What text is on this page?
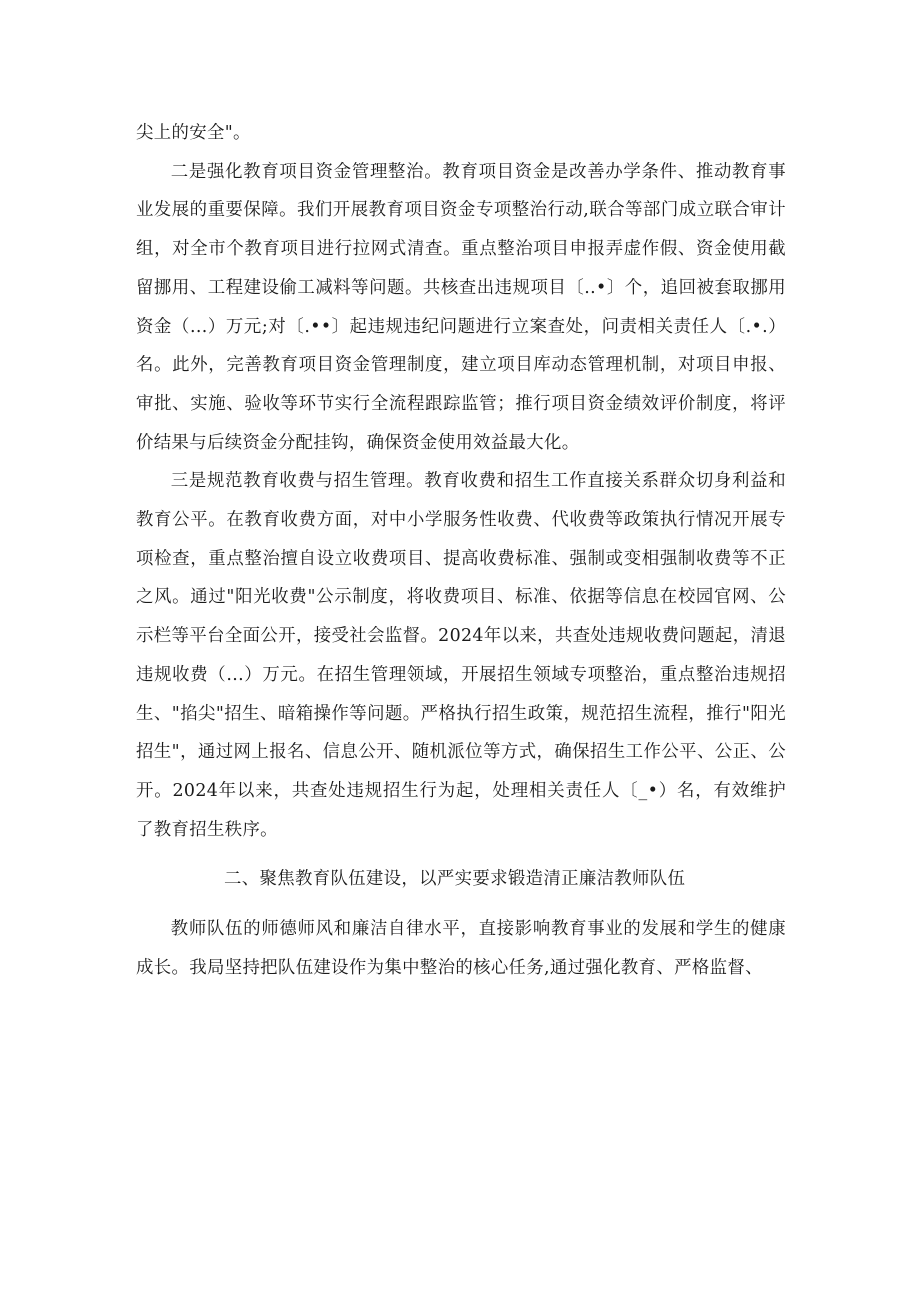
尖上的安全"。

二是强化教育项目资金管理整治。教育项目资金是改善办学条件、推动教育事业发展的重要保障。我们开展教育项目资金专项整治行动,联合等部门成立联合审计组，对全市个教育项目进行拉网式清查。重点整治项目申报弄虚作假、资金使用截留挪用、工程建设偷工减料等问题。共核查出违规项目〔..•〕个，追回被套取挪用资金（...）万元;对〔.••〕起违规违纪问题进行立案查处，问责相关责任人〔.•.）名。此外，完善教育项目资金管理制度，建立项目库动态管理机制，对项目申报、审批、实施、验收等环节实行全流程跟踪监管；推行项目资金绩效评价制度，将评价结果与后续资金分配挂钩，确保资金使用效益最大化。

三是规范教育收费与招生管理。教育收费和招生工作直接关系群众切身利益和教育公平。在教育收费方面，对中小学服务性收费、代收费等政策执行情况开展专项检查，重点整治擅自设立收费项目、提高收费标准、强制或变相强制收费等不正之风。通过"阳光收费"公示制度，将收费项目、标准、依据等信息在校园官网、公示栏等平台全面公开，接受社会监督。2024年以来，共查处违规收费问题起，清退违规收费（...）万元。在招生管理领域，开展招生领域专项整治，重点整治违规招生、"掐尖"招生、暗箱操作等问题。严格执行招生政策，规范招生流程，推行"阳光招生"，通过网上报名、信息公开、随机派位等方式，确保招生工作公平、公正、公开。2024年以来，共查处违规招生行为起，处理相关责任人〔_•）名，有效维护了教育招生秩序。

二、聚焦教育队伍建设，以严实要求锻造清正廉洁教师队伍

教师队伍的师德师风和廉洁自律水平，直接影响教育事业的发展和学生的健康成长。我局坚持把队伍建设作为集中整治的核心任务,通过强化教育、严格监督、
